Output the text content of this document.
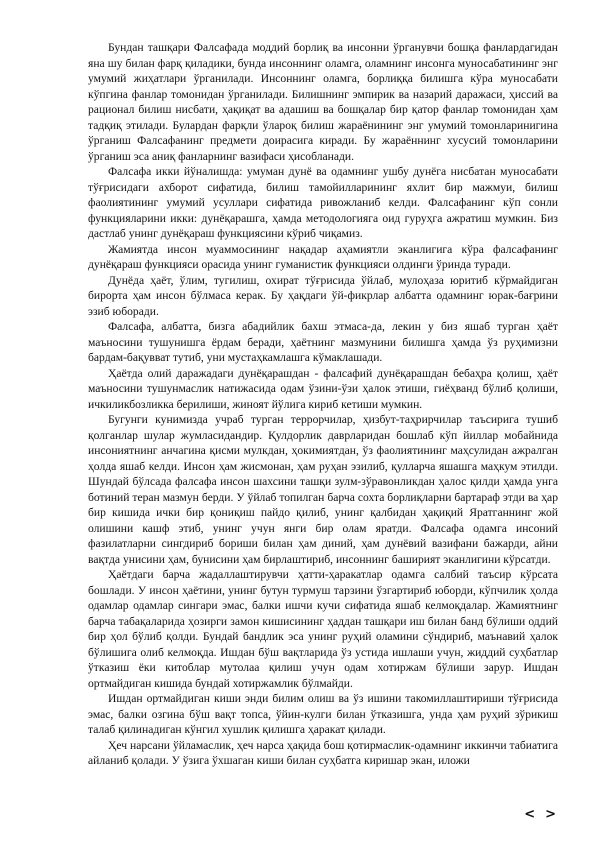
Бундан ташқари Фалсафада моддий борлиқ ва инсонни ўрганувчи бошқа фанлардагидан яна шу билан фарқ қиладики, бунда инсоннинг оламга, оламнинг инсонга муносабатининг энг умумий жиҳатлари ўрганилади. Инсоннинг оламга, борлиққа билишга кўра муносабати кўпгина фанлар томонидан ўрганилади. Билишнинг эмпирик ва назарий даражаси, ҳиссий ва рационал билиш нисбати, ҳақиқат ва адашиш ва бошқалар бир қатор фанлар томонидан ҳам тадқиқ этилади. Булардан фарқли ўлароқ билиш жараёнининг энг умумий томонларинигина ўрганиш Фалсафанинг предмети доирасига киради. Бу жараённинг хусусий томонларини ўрганиш эса аниқ фанларнинг вазифаси ҳисобланади.

Фалсафа икки йўналишда: умуман дунё ва одамнинг ушбу дунёга нисбатан муносабати тўғрисидаги ахборот сифатида, билиш тамойилларининг яхлит бир мажмуи, билиш фаолиятининг умумий усуллари сифатида ривожланиб келди. Фалсафанинг кўп сонли функцияларини икки: дунёқарашга, ҳамда методологияга оид гуруҳга ажратиш мумкин. Биз дастлаб унинг дунёқараш функциясини кўриб чиқамиз.

Жамиятда инсон муаммосининг нақадар аҳамиятли эканлигига кўра фалсафанинг дунёқараш функцияси орасида унинг гуманистик функцияси олдинги ўринда туради.

Дунёда ҳаёт, ўлим, тугилиш, охират тўғрисида ўйлаб, мулоҳаза юритиб кўрмайдиган бирорта ҳам инсон бўлмаса керак. Бу ҳақдаги ўй-фикрлар албатта одамнинг юрак-бағрини эзиб юборади.

Фалсафа, албатта, бизга абадийлик бахш этмаса-да, лекин у биз яшаб турган ҳаёт маъносини тушунишга ёрдам беради, ҳаётнинг мазмунини билишга ҳамда ўз руҳимизни бардам-бақувват тутиб, уни мустаҳкамлашга кўмаклашади.

Ҳаётда олий даражадаги дунёқарашдан - фалсафий дунёқарашдан бебаҳра қолиш, ҳаёт маъносини тушунмаслик натижасида одам ўзини-ўзи ҳалок этиши, гиёҳванд бўлиб қолиши, ичкиликбозликка берилиши, жиноят йўлига кириб кетиши мумкин.

Бугунги кунимизда учраб турган террорчилар, ҳизбут-таҳрирчилар таъсирига тушиб қолганлар шулар жумласидандир. Қулдорлик даврларидан бошлаб кўп йиллар мобайнида инсониятнинг анчагина қисми мулкдан, ҳокимиятдан, ўз фаолиятининг маҳсулидан ажралган ҳолда яшаб келди. Инсон ҳам жисмонан, ҳам руҳан эзилиб, қулларча яшашга маҳкум этилди. Шундай бўлсада фалсафа инсон шахсини ташқи зулм-зўравонликдан ҳалос қилди ҳамда унга ботиний теран мазмун берди. У ўйлаб топилган барча сохта борлиқларни бартараф этди ва ҳар бир кишида ички бир қониқиш пайдо қилиб, унинг қалбидан ҳақиқий Яратганнинг жой олишини кашф этиб, унинг учун янги бир олам яратди. Фалсафа одамга инсоний фазилатларни сингдириб бориши билан ҳам диний, ҳам дунёвий вазифани бажарди, айни вақтда унисини ҳам, бунисини ҳам бирлаштириб, инсоннинг баширият эканлигини кўрсатди.

Ҳаётдаги барча жадаллаштирувчи ҳатти-ҳаракатлар одамга салбий таъсир кўрсата бошлади. У инсон ҳаётини, унинг бутун турмуш тарзини ўзгартириб юборди, кўпчилик ҳолда одамлар одамлар сингари эмас, балки ишчи кучи сифатида яшаб келмоқдалар. Жамиятнинг барча табақаларида ҳозирги замон кишисининг ҳаддан ташқари иш билан банд бўлиши оддий бир ҳол бўлиб қолди. Бундай бандлик эса унинг руҳий оламини сўндириб, маънавий ҳалок бўлишига олиб келмоқда. Ишдан бўш вақтларида ўз устида ишлаши учун, жиддий суҳбатлар ўтказиш ёки китоблар мутолаа қилиш учун одам хотиржам бўлиши зарур. Ишдан ортмайдиган кишида бундай хотиржамлик бўлмайди.

Ишдан ортмайдиган киши энди билим олиш ва ўз ишини такомиллаштириши тўғрисида эмас, балки озгина бўш вақт топса, ўйин-кулги билан ўтказишга, унда ҳам руҳий зўрикиш талаб қилинадиган кўнгил хушлик қилишга ҳаракат қилади.

Ҳеч нарсани ўйламаслик, ҳеч нарса ҳақида бош қотирмаслик-одамнинг иккинчи табиатига айланиб қолади. У ўзига ўхшаган киши билан суҳбатга киришар экан, иложи

< >
